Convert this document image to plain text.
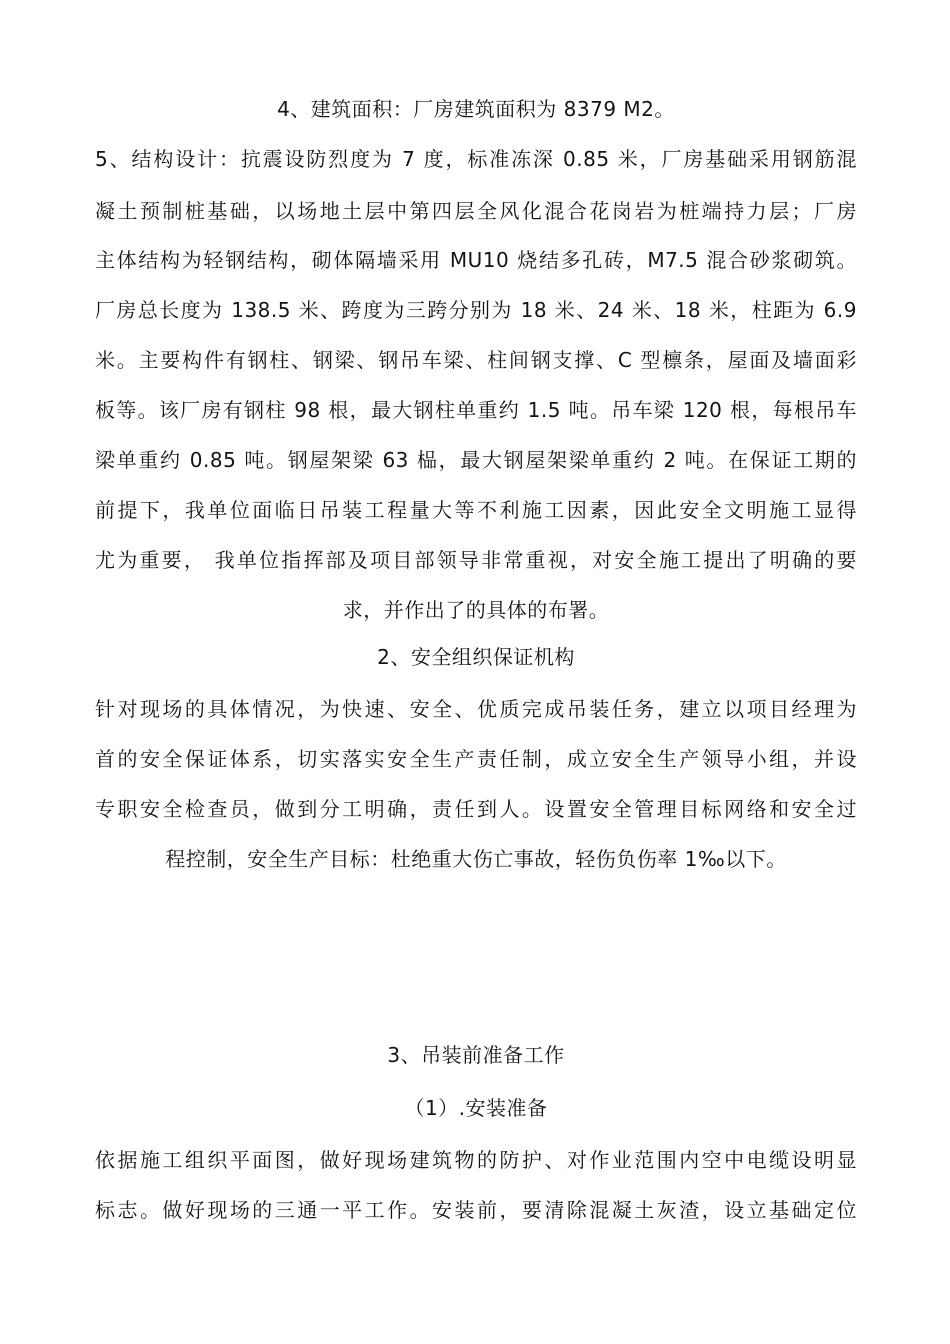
4、建筑面积：厂房建筑面积为 8379 M2。
5、结构设计：抗震设防烈度为 7 度，标准冻深 0.85 米，厂房基础采用钢筋混
凝土预制桩基础，以场地土层中第四层全风化混合花岗岩为桩端持力层；厂房
主体结构为轻钢结构，砌体隔墙采用 MU10 烧结多孔砖，M7.5 混合砂浆砌筑。
厂房总长度为 138.5 米、跨度为三跨分别为 18 米、24 米、18 米，柱距为 6.9
米。主要构件有钢柱、钢梁、钢吊车梁、柱间钢支撑、C 型檩条，屋面及墙面彩
板等。该厂房有钢柱 98 根，最大钢柱单重约 1.5 吨。吊车梁 120 根，每根吊车
梁单重约 0.85 吨。钢屋架梁 63 榀，最大钢屋架梁单重约 2 吨。在保证工期的
前提下，我单位面临日吊装工程量大等不利施工因素，因此安全文明施工显得
尤为重要， 我单位指挥部及项目部领导非常重视，对安全施工提出了明确的要
求，并作出了的具体的布署。
2、安全组织保证机构
针对现场的具体情况，为快速、安全、优质完成吊装任务，建立以项目经理为
首的安全保证体系，切实落实安全生产责任制，成立安全生产领导小组，并设
专职安全检查员，做到分工明确，责任到人。设置安全管理目标网络和安全过
程控制，安全生产目标：杜绝重大伤亡事故，轻伤负伤率 1‰以下。
3、吊装前准备工作
（1）.安装准备
依据施工组织平面图，做好现场建筑物的防护、对作业范围内空中电缆设明显
标志。做好现场的三通一平工作。安装前，要清除混凝土灰渣，设立基础定位
